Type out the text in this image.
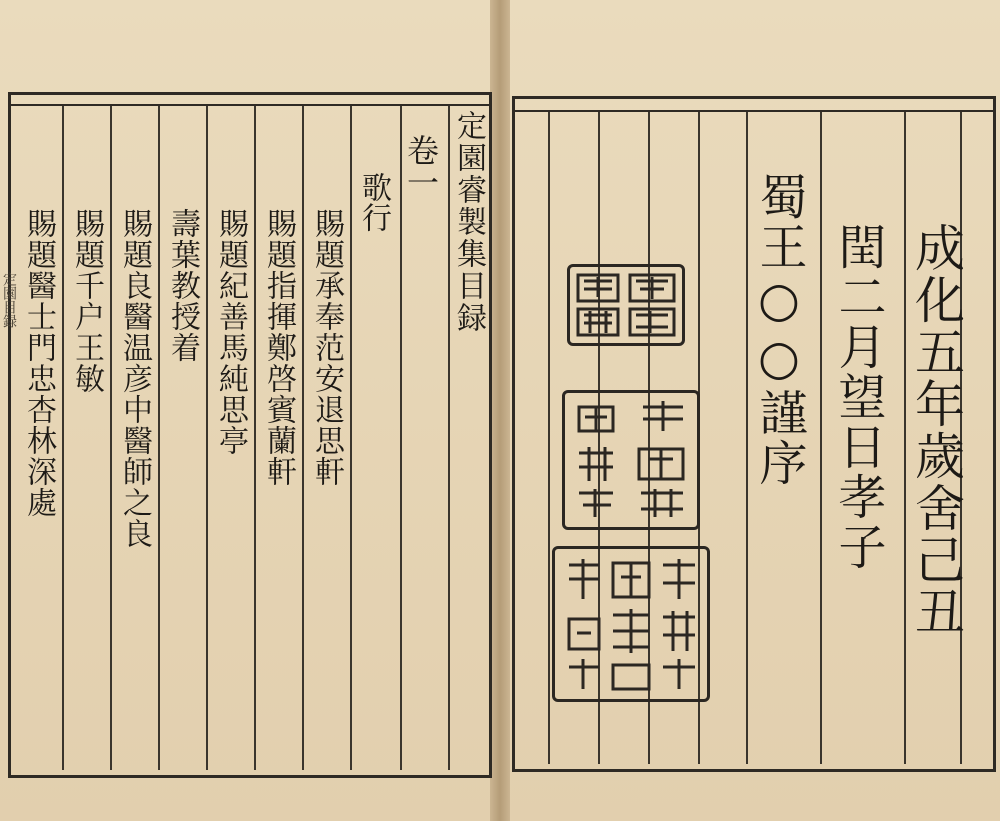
定園目録	定園睿製集目録
卷一
歌行
賜題承奉范安退思軒
賜題指揮鄭啓賓蘭軒
賜題紀善馬純思亭
壽葉教授着
賜題良醫温彦中醫師之良
賜題千户王敏
賜題醫士門忠杏林深處
　	成化五年歲舍己丑
閏二月望日孝子
蜀王○○謹序
